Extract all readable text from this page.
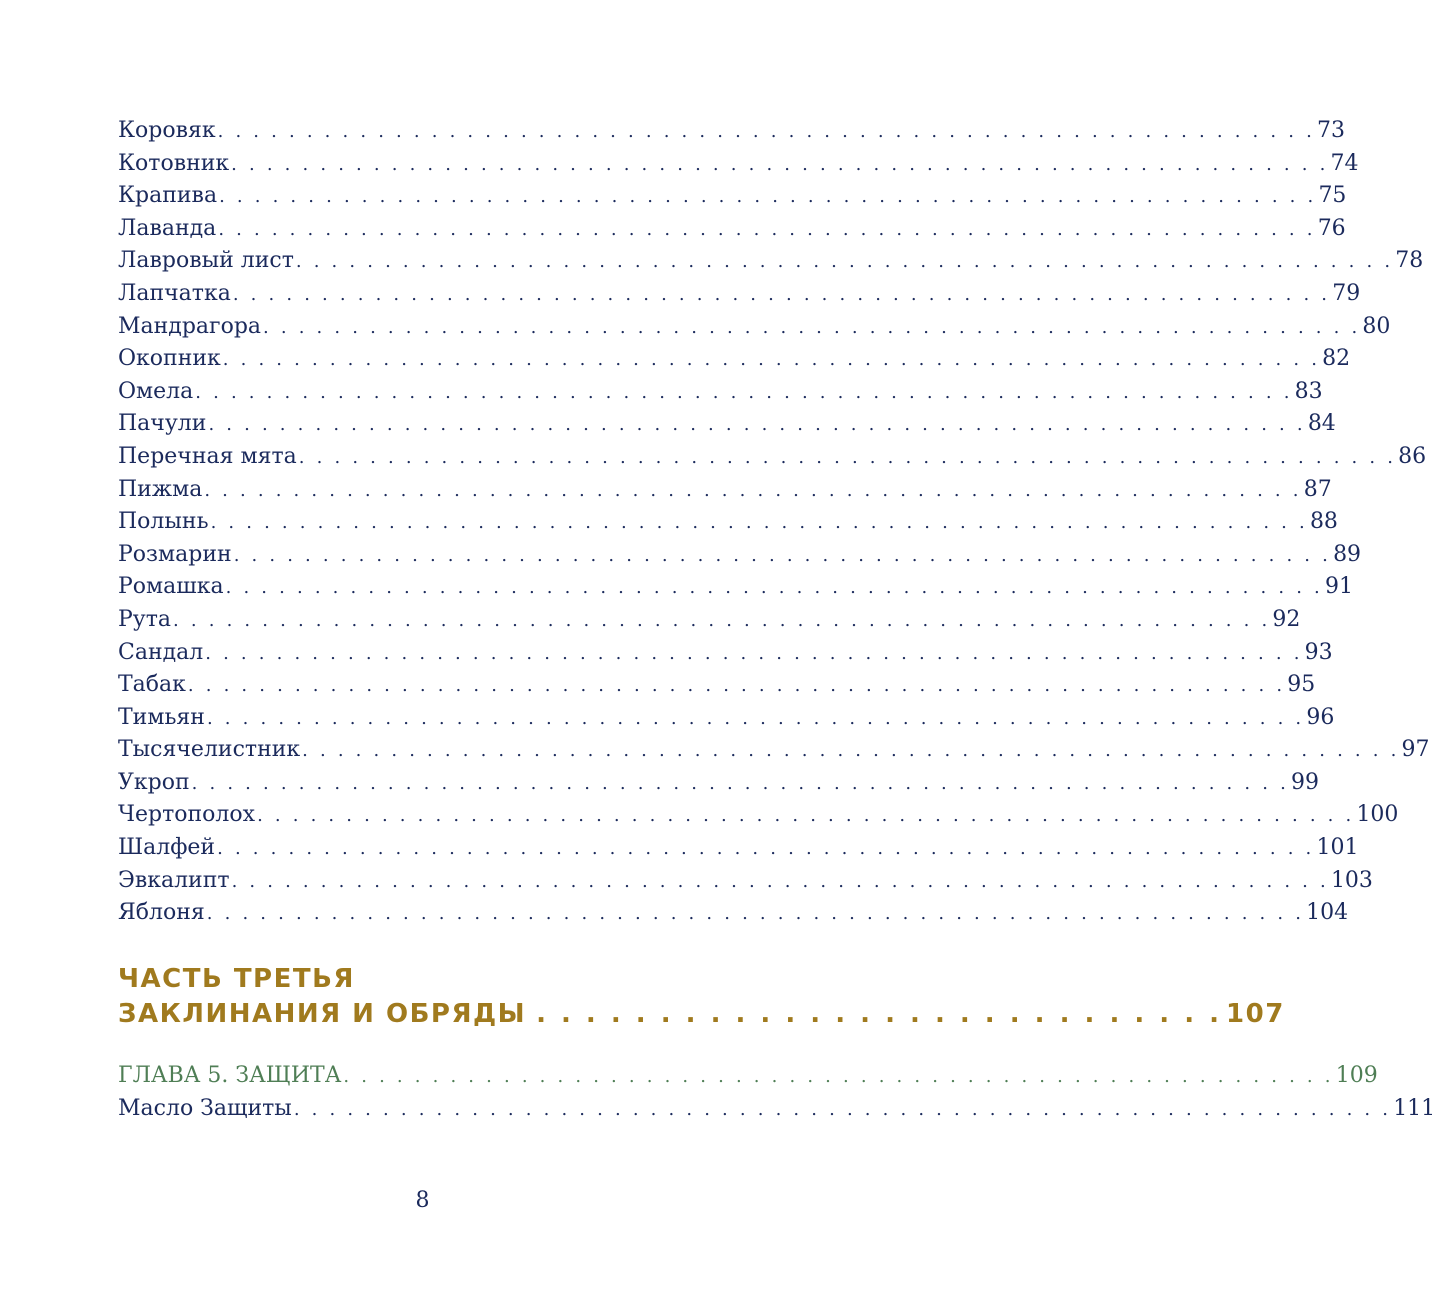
Коровяк . . . . . . . . . . . . . . . . . . . . . . . . . . . . . . . . . . . . . . . . . . . . . . . . . . . . . . . . . . . . . . 73
Котовник . . . . . . . . . . . . . . . . . . . . . . . . . . . . . . . . . . . . . . . . . . . . . . . . . . . . . . . . . . . . . . 74
Крапива . . . . . . . . . . . . . . . . . . . . . . . . . . . . . . . . . . . . . . . . . . . . . . . . . . . . . . . . . . . . . . 75
Лаванда . . . . . . . . . . . . . . . . . . . . . . . . . . . . . . . . . . . . . . . . . . . . . . . . . . . . . . . . . . . . . . 76
Лавровый лист . . . . . . . . . . . . . . . . . . . . . . . . . . . . . . . . . . . . . . . . . . . . . . . . . . . . . . . . . . . . . . 78
Лапчатка . . . . . . . . . . . . . . . . . . . . . . . . . . . . . . . . . . . . . . . . . . . . . . . . . . . . . . . . . . . . . . 79
Мандрагора . . . . . . . . . . . . . . . . . . . . . . . . . . . . . . . . . . . . . . . . . . . . . . . . . . . . . . . . . . . . . . 80
Окопник . . . . . . . . . . . . . . . . . . . . . . . . . . . . . . . . . . . . . . . . . . . . . . . . . . . . . . . . . . . . . . 82
Омела . . . . . . . . . . . . . . . . . . . . . . . . . . . . . . . . . . . . . . . . . . . . . . . . . . . . . . . . . . . . . . 83
Пачули . . . . . . . . . . . . . . . . . . . . . . . . . . . . . . . . . . . . . . . . . . . . . . . . . . . . . . . . . . . . . . 84
Перечная мята . . . . . . . . . . . . . . . . . . . . . . . . . . . . . . . . . . . . . . . . . . . . . . . . . . . . . . . . . . . . . . 86
Пижма . . . . . . . . . . . . . . . . . . . . . . . . . . . . . . . . . . . . . . . . . . . . . . . . . . . . . . . . . . . . . . 87
Полынь . . . . . . . . . . . . . . . . . . . . . . . . . . . . . . . . . . . . . . . . . . . . . . . . . . . . . . . . . . . . . . 88
Розмарин . . . . . . . . . . . . . . . . . . . . . . . . . . . . . . . . . . . . . . . . . . . . . . . . . . . . . . . . . . . . . . 89
Ромашка . . . . . . . . . . . . . . . . . . . . . . . . . . . . . . . . . . . . . . . . . . . . . . . . . . . . . . . . . . . . . . 91
Рута . . . . . . . . . . . . . . . . . . . . . . . . . . . . . . . . . . . . . . . . . . . . . . . . . . . . . . . . . . . . . . 92
Сандал . . . . . . . . . . . . . . . . . . . . . . . . . . . . . . . . . . . . . . . . . . . . . . . . . . . . . . . . . . . . . . 93
Табак . . . . . . . . . . . . . . . . . . . . . . . . . . . . . . . . . . . . . . . . . . . . . . . . . . . . . . . . . . . . . . 95
Тимьян . . . . . . . . . . . . . . . . . . . . . . . . . . . . . . . . . . . . . . . . . . . . . . . . . . . . . . . . . . . . . . 96
Тысячелистник . . . . . . . . . . . . . . . . . . . . . . . . . . . . . . . . . . . . . . . . . . . . . . . . . . . . . . . . . . . . . . 97
Укроп . . . . . . . . . . . . . . . . . . . . . . . . . . . . . . . . . . . . . . . . . . . . . . . . . . . . . . . . . . . . . . 99
Чертополох . . . . . . . . . . . . . . . . . . . . . . . . . . . . . . . . . . . . . . . . . . . . . . . . . . . . . . . . . . . . . . 100
Шалфей . . . . . . . . . . . . . . . . . . . . . . . . . . . . . . . . . . . . . . . . . . . . . . . . . . . . . . . . . . . . . . 101
Эвкалипт . . . . . . . . . . . . . . . . . . . . . . . . . . . . . . . . . . . . . . . . . . . . . . . . . . . . . . . . . . . . . . 103
Яблоня . . . . . . . . . . . . . . . . . . . . . . . . . . . . . . . . . . . . . . . . . . . . . . . . . . . . . . . . . . . . . . 104
ЧАСТЬ ТРЕТЬЯ
ЗАКЛИНАНИЯ И ОБРЯДЫ . . . . . . . . . . . . . . . . . . . . . . . . . . . . 107
ГЛАВА 5. ЗАЩИТА . . . . . . . . . . . . . . . . . . . . . . . . . . . . . . . . . . . . . . . . . . . . . . . . . . . . . . . . 109
Масло Защиты . . . . . . . . . . . . . . . . . . . . . . . . . . . . . . . . . . . . . . . . . . . . . . . . . . . . . . . . . . . . . . 111
8
